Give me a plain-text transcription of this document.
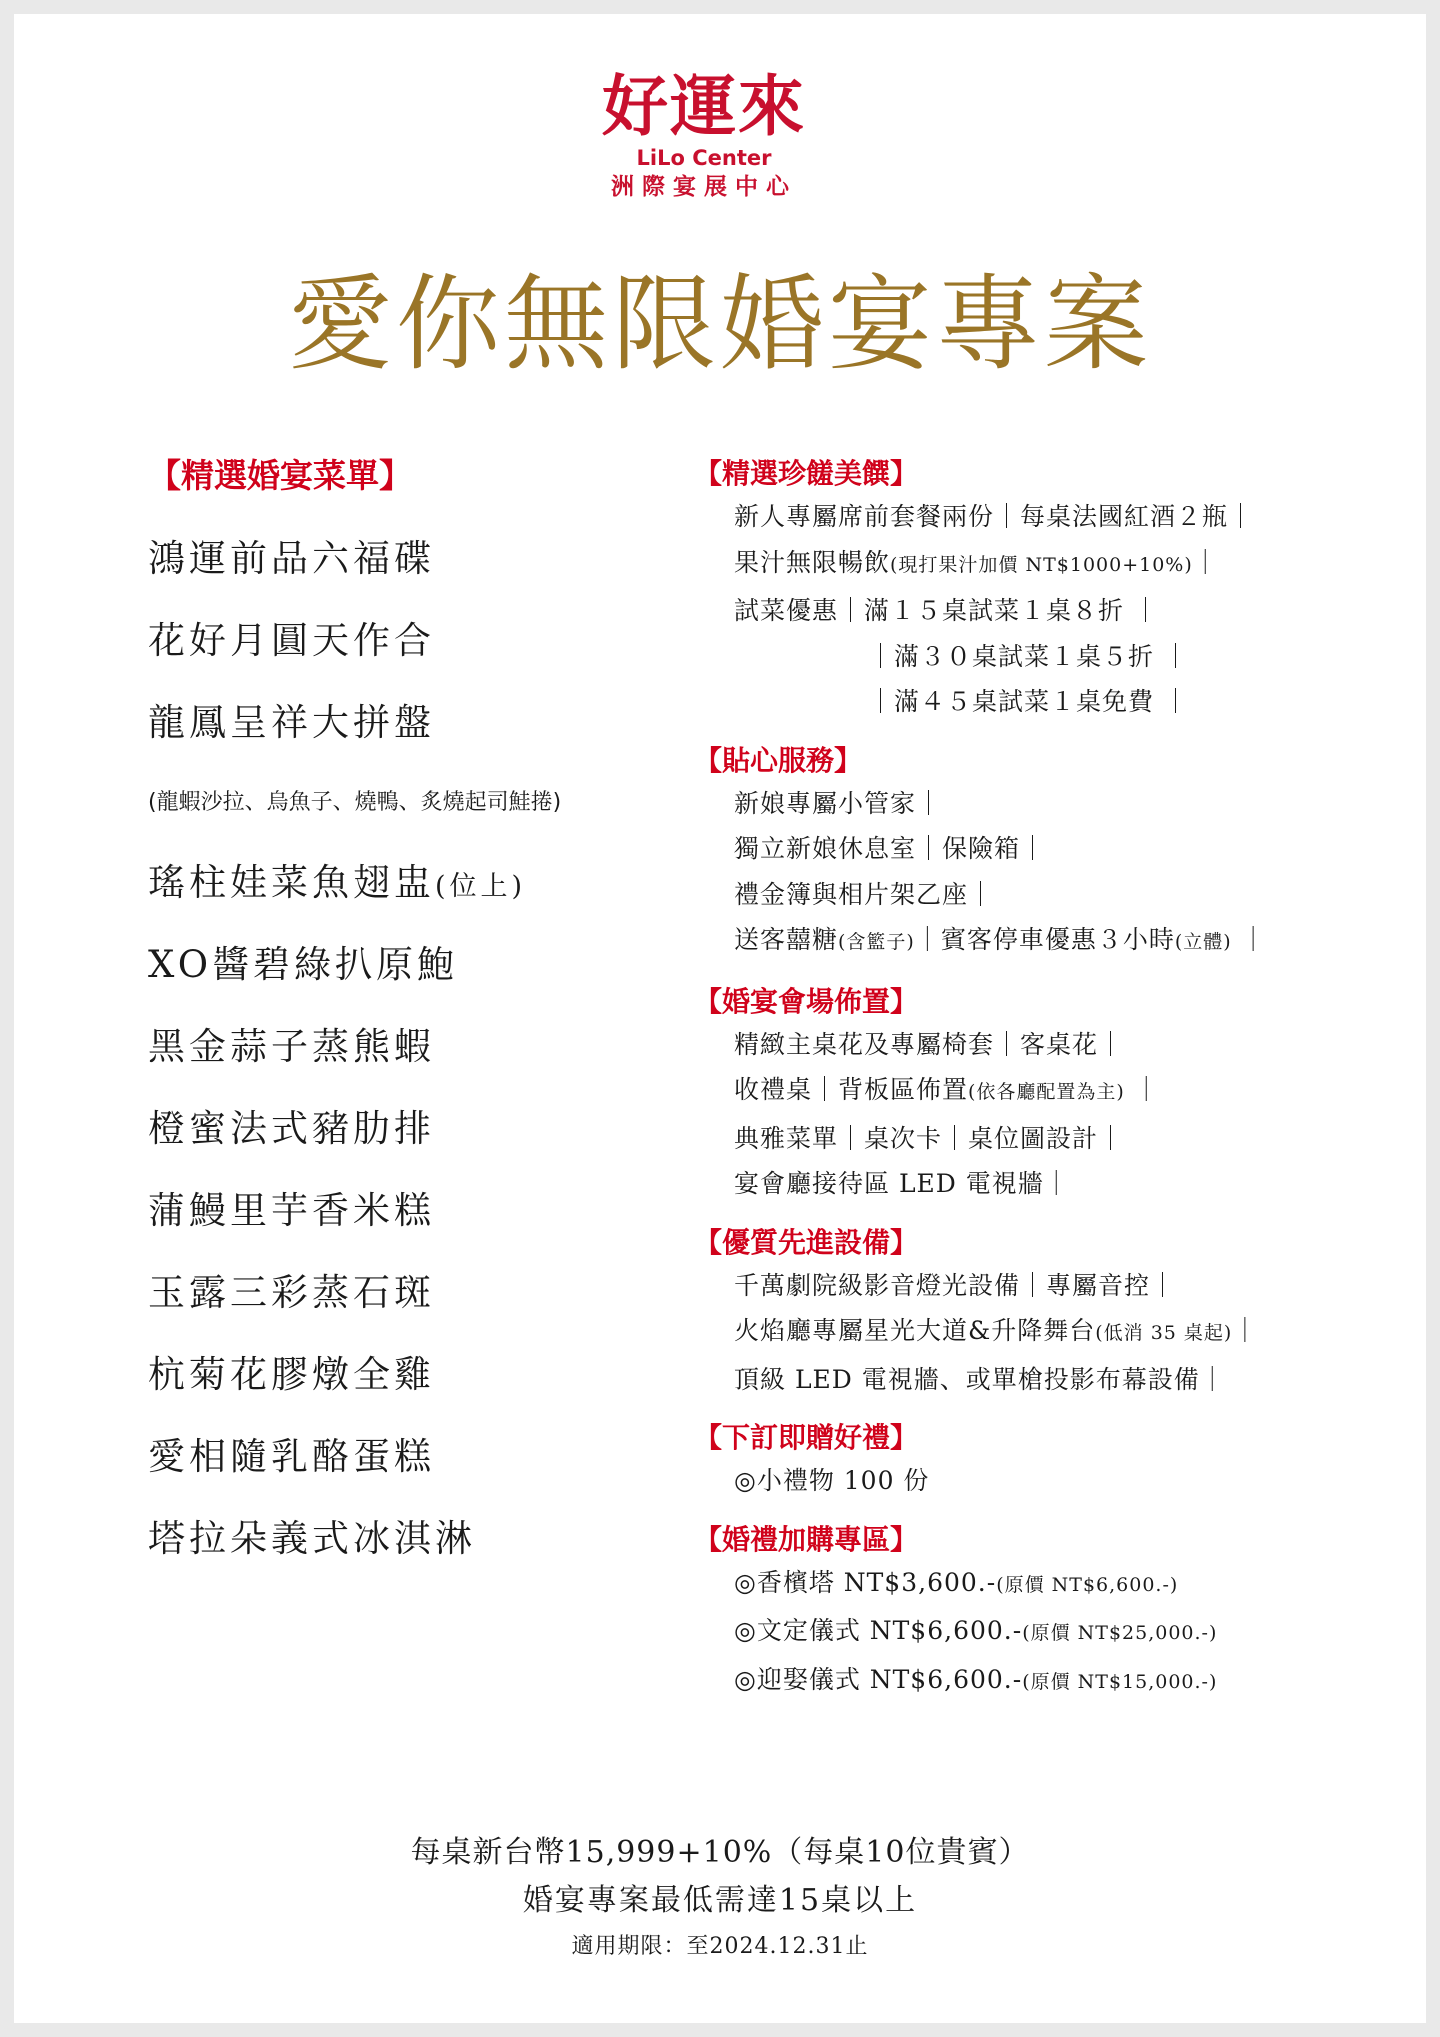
好運來
LiLo Center
洲際宴展中心
愛你無限婚宴專案
【精選婚宴菜單】
鴻運前品六福碟
花好月圓天作合
龍鳳呈祥大拼盤
(龍蝦沙拉、烏魚子、燒鴨、炙燒起司鮭捲)
瑤柱娃菜魚翅盅(位上)
XO醬碧綠扒原鮑
黑金蒜子蒸熊蝦
橙蜜法式豬肋排
蒲鰻里芋香米糕
玉露三彩蒸石斑
杭菊花膠燉全雞
愛相隨乳酪蛋糕
塔拉朵義式冰淇淋
【精選珍饈美饌】
新人專屬席前套餐兩份｜每桌法國紅酒２瓶｜
果汁無限暢飲(現打果汁加價 NT$1000+10%)｜
試菜優惠｜滿１５桌試菜１桌８折 ｜
｜滿３０桌試菜１桌５折 ｜
｜滿４５桌試菜１桌免費 ｜
【貼心服務】
新娘專屬小管家｜
獨立新娘休息室｜保險箱｜
禮金簿與相片架乙座｜
送客囍糖(含籃子)｜賓客停車優惠３小時(立體) ｜
【婚宴會場佈置】
精緻主桌花及專屬椅套｜客桌花｜
收禮桌｜背板區佈置(依各廳配置為主) ｜
典雅菜單｜桌次卡｜桌位圖設計｜
宴會廳接待區 LED 電視牆｜
【優質先進設備】
千萬劇院級影音燈光設備｜專屬音控｜
火焰廳專屬星光大道&升降舞台(低消 35 桌起)｜
頂級 LED 電視牆、或單槍投影布幕設備｜
【下訂即贈好禮】
◎小禮物 100 份
【婚禮加購專區】
◎香檳塔 NT$3,600.-(原價 NT$6,600.-)
◎文定儀式 NT$6,600.-(原價 NT$25,000.-)
◎迎娶儀式 NT$6,600.-(原價 NT$15,000.-)
每桌新台幣15,999+10%（每桌10位貴賓）
婚宴專案最低需達15桌以上
適用期限：至2024.12.31止
